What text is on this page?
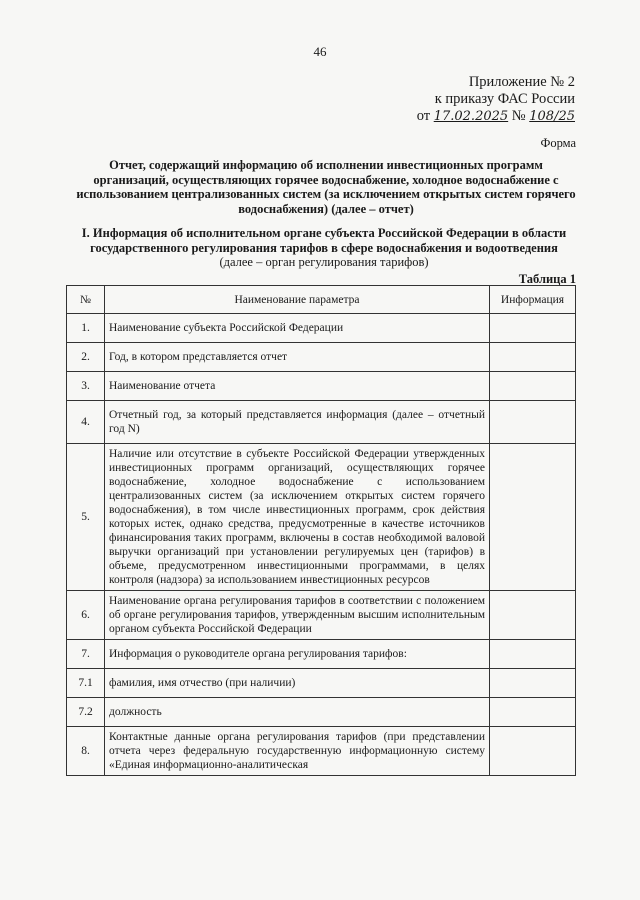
46
Приложение № 2
к приказу ФАС России
от 17.02.2025 № 108/25
Форма
Отчет, содержащий информацию об исполнении инвестиционных программ организаций, осуществляющих горячее водоснабжение, холодное водоснабжение с использованием централизованных систем (за исключением открытых систем горячего водоснабжения) (далее – отчет)
I. Информация об исполнительном органе субъекта Российской Федерации в области государственного регулирования тарифов в сфере водоснабжения и водоотведения
(далее – орган регулирования тарифов)
Таблица 1
№	Наименование параметра	Информация
1.	Наименование субъекта Российской Федерации	
2.	Год, в котором представляется отчет	
3.	Наименование отчета	
4.	Отчетный год, за который представляется информация (далее – отчетный год N)	
5.	Наличие или отсутствие в субъекте Российской Федерации утвержденных инвестиционных программ организаций, осуществляющих горячее водоснабжение, холодное водоснабжение с использованием централизованных систем (за исключением открытых систем горячего водоснабжения), в том числе инвестиционных программ, срок действия которых истек, однако средства, предусмотренные в качестве источников финансирования таких программ, включены в состав необходимой валовой выручки организаций при установлении регулируемых цен (тарифов) в объеме, предусмотренном инвестиционными программами, в целях контроля (надзора) за использованием инвестиционных ресурсов	
6.	Наименование органа регулирования тарифов в соответствии с положением об органе регулирования тарифов, утвержденным высшим исполнительным органом субъекта Российской Федерации	
7.	Информация о руководителе органа регулирования тарифов:	
7.1	фамилия, имя отчество (при наличии)	
7.2	должность	
8.	Контактные данные органа регулирования тарифов (при представлении отчета через федеральную государственную информационную систему «Единая информационно-аналитическая	
